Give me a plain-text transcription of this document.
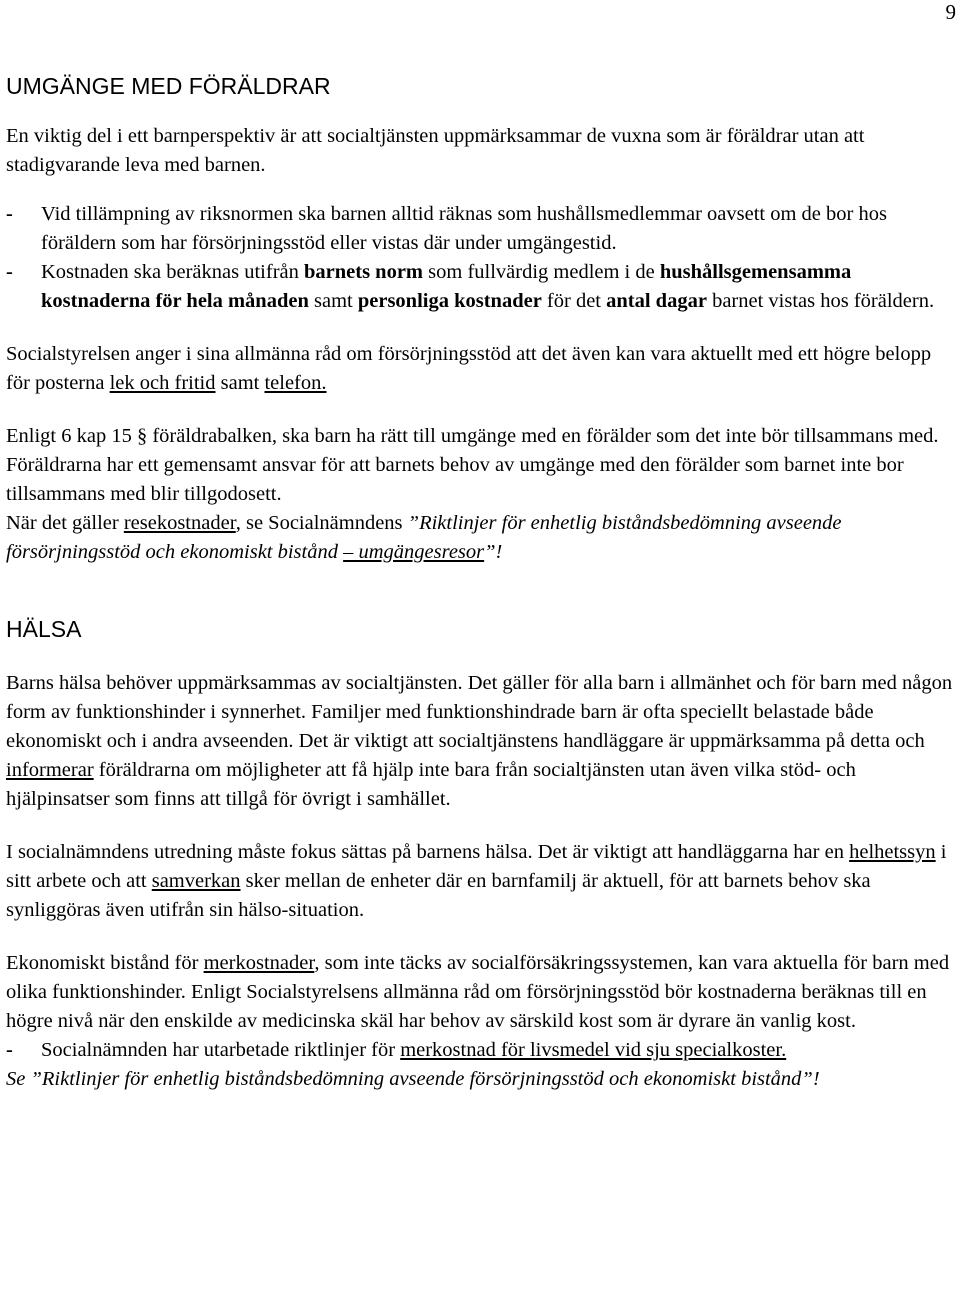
9
UMGÄNGE MED FÖRÄLDRAR

En viktig del i ett barnperspektiv är att socialtjänsten uppmärksammar de vuxna som är föräldrar utan att stadigvarande leva med barnen.

-	Vid tillämpning av riksnormen ska barnen alltid räknas som hushållsmedlemmar oavsett om de bor hos föräldern som har försörjningsstöd eller vistas där under umgängestid.
-	Kostnaden ska beräknas utifrån barnets norm som fullvärdig medlem i de hushållsgemensamma kostnaderna för hela månaden samt personliga kostnader för det antal dagar barnet vistas hos föräldern.

Socialstyrelsen anger i sina allmänna råd om försörjningsstöd att det även kan vara aktuellt med ett högre belopp för posterna lek och fritid samt telefon.

Enligt 6 kap 15 § föräldrabalken, ska barn ha rätt till umgänge med en förälder som det inte bör tillsammans med. Föräldrarna har ett gemensamt ansvar för att barnets behov av umgänge med den förälder som barnet inte bor tillsammans med blir tillgodosett.

När det gäller resekostnader, se Socialnämndens ”Riktlinjer för enhetlig biståndsbedömning avseende försörjningsstöd och ekonomiskt bistånd – umgängesresor”!

HÄLSA

Barns hälsa behöver uppmärksammas av socialtjänsten. Det gäller för alla barn i allmänhet och för barn med någon form av funktionshinder i synnerhet. Familjer med funktionshindrade barn är ofta speciellt belastade både ekonomiskt och i andra avseenden. Det är viktigt att socialtjänstens handläggare är uppmärksamma på detta och informerar föräldrarna om möjligheter att få hjälp inte bara från socialtjänsten utan även vilka stöd- och hjälpinsatser som finns att tillgå för övrigt i samhället.

I socialnämndens utredning måste fokus sättas på barnens hälsa. Det är viktigt att handläggarna har en helhetssyn i sitt arbete och att samverkan sker mellan de enheter där en barnfamilj är aktuell, för att barnets behov ska synliggöras även utifrån sin hälso-situation.

Ekonomiskt bistånd för merkostnader, som inte täcks av socialförsäkringssystemen, kan vara aktuella för barn med olika funktionshinder. Enligt Socialstyrelsens allmänna råd om försörjningsstöd bör kostnaderna beräknas till en högre nivå när den enskilde av medicinska skäl har behov av särskild kost som är dyrare än vanlig kost.

-	Socialnämnden har utarbetade riktlinjer för merkostnad för livsmedel vid sju specialkoster.

Se ”Riktlinjer för enhetlig biståndsbedömning avseende försörjningsstöd och ekonomiskt bistånd”!
